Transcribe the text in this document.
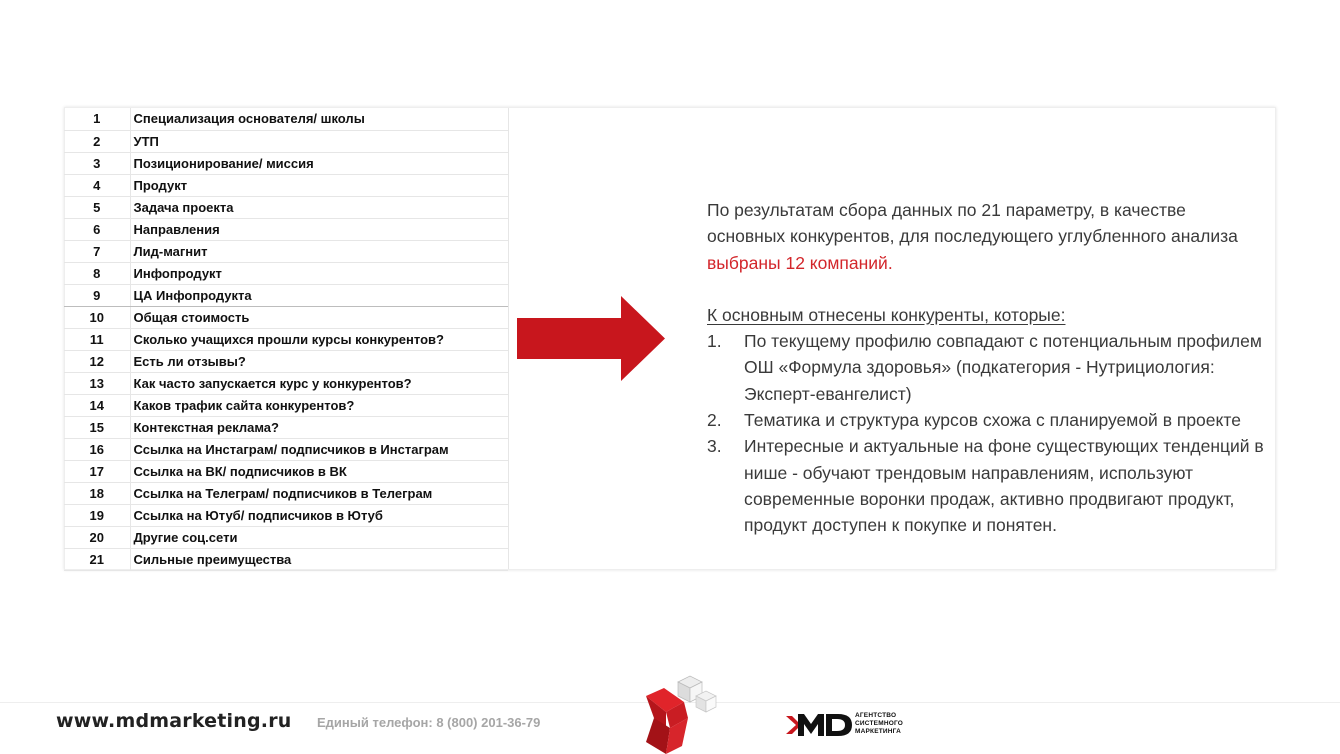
1	Специализация основателя/ школы
2	УТП
3	Позиционирование/ миссия
4	Продукт
5	Задача проекта
6	Направления
7	Лид-магнит
8	Инфопродукт
9	ЦА Инфопродукта
10	Общая стоимость
11	Сколько учащихся прошли курсы конкурентов?
12	Есть ли отзывы?
13	Как часто запускается курс у конкурентов?
14	Каков трафик сайта конкурентов?
15	Контекстная реклама?
16	Ссылка на Инстаграм/ подписчиков в Инстаграм
17	Ссылка на ВК/ подписчиков в ВК
18	Ссылка на Телеграм/ подписчиков в Телеграм
19	Ссылка на Ютуб/ подписчиков в Ютуб
20	Другие соц.сети
21	Сильные преимущества

По результатам сбора данных по 21 параметру, в качестве основных конкурентов, для последующего углубленного анализа выбраны 12 компаний.

К основным отнесены конкуренты, которые:

1. По текущему профилю совпадают с потенциальным профилем ОШ «Формула здоровья» (подкатегория - Нутрициология: Эксперт-евангелист)
2. Тематика и структура курсов схожа с планируемой в проекте
3. Интересные и актуальные на фоне существующих тенденций в нише - обучают трендовым направлениям, используют современные воронки продаж, активно продвигают продукт, продукт доступен к покупке и понятен.
www.mdmarketing.ru Единый телефон: 8 (800) 201-36-79	АГЕНТСТВО
СИСТЕМНОГО
МАРКЕТИНГА
